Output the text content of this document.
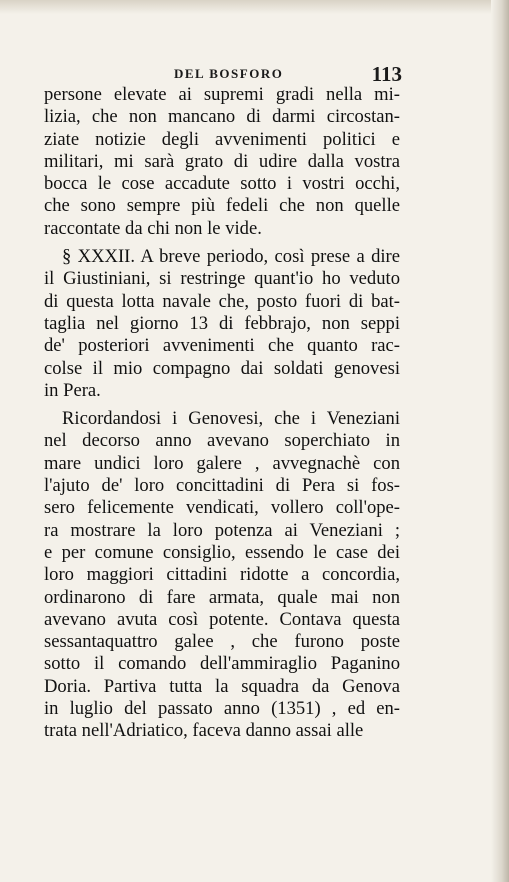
DEL BOSFORO	113
persone elevate ai supremi gradi nella mi-
lizia, che non mancano di darmi circostan-
ziate notizie degli avvenimenti politici e
militari, mi sarà grato di udire dalla vostra
bocca le cose accadute sotto i vostri occhi,
che sono sempre più fedeli che non quelle
raccontate da chi non le vide.
§ XXXII. A breve periodo, così prese a dire
il Giustiniani, si restringe quant'io ho veduto
di questa lotta navale che, posto fuori di bat-
taglia nel giorno 13 di febbrajo, non seppi
de' posteriori avvenimenti che quanto rac-
colse il mio compagno dai soldati genovesi
in Pera.
Ricordandosi i Genovesi, che i Veneziani
nel decorso anno avevano soperchiato in
mare undici loro galere , avvegnachè con
l'ajuto de' loro concittadini di Pera si fos-
sero felicemente vendicati, vollero coll'ope-
ra mostrare la loro potenza ai Veneziani ;
e per comune consiglio, essendo le case dei
loro maggiori cittadini ridotte a concordia,
ordinarono di fare armata, quale mai non
avevano avuta così potente. Contava questa
sessantaquattro galee , che furono poste
sotto il comando dell'ammiraglio Paganino
Doria. Partiva tutta la squadra da Genova
in luglio del passato anno (1351) , ed en-
trata nell'Adriatico, faceva danno assai alle
